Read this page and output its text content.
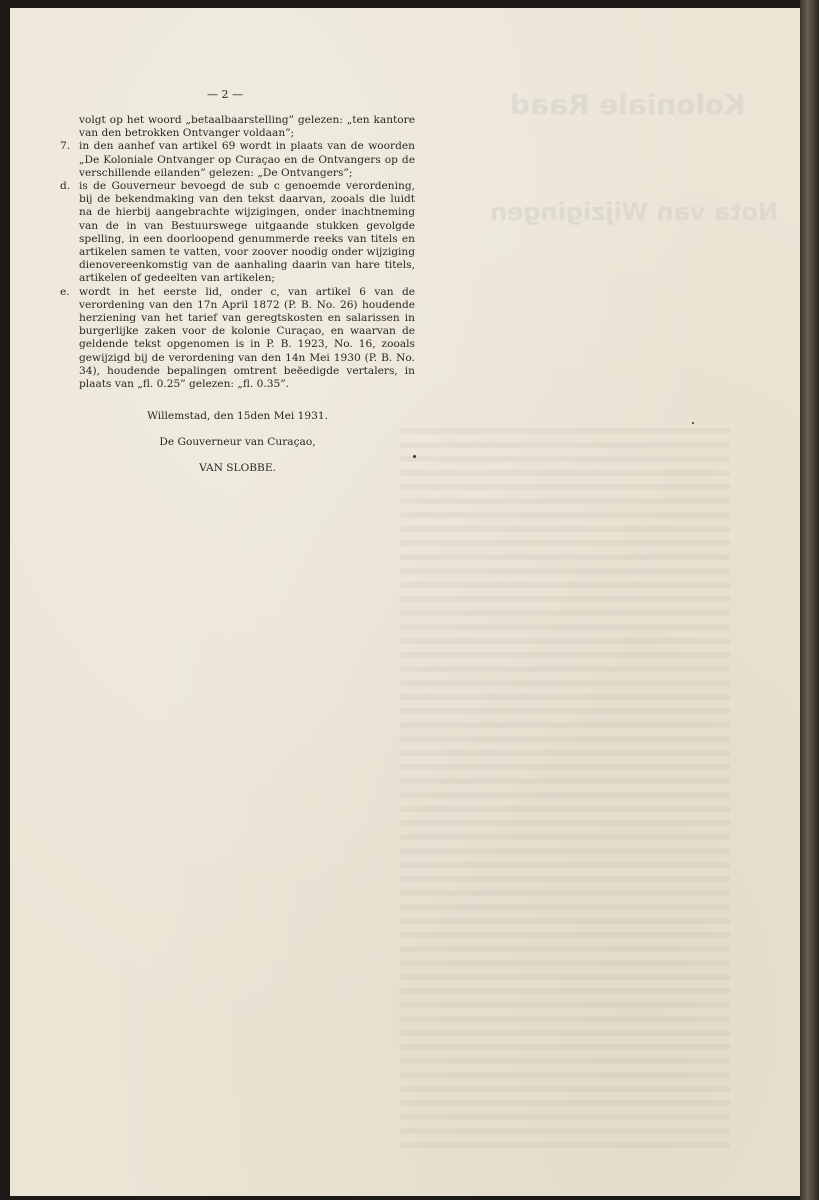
Koloniale Raad
Nota van Wijzigingen
— 2 —

volgt op het woord „betaalbaarstelling” gelezen: „ten kantore van den betrokken Ontvanger voldaan”;

7. in den aanhef van artikel 69 wordt in plaats van de woorden „De Koloniale Ontvanger op Curaçao en de Ontvangers op de verschillende eilanden” gelezen: „De Ontvangers”;

d. is de Gouverneur bevoegd de sub c genoemde verordening, bij de bekendmaking van den tekst daarvan, zooals die luidt na de hierbij aangebrachte wijzigingen, onder inachtneming van de in van Bestuurswege uitgaande stukken gevolgde spelling, in een doorloopend genummerde reeks van titels en artikelen samen te vatten, voor zoover noodig onder wijziging dienovereenkomstig van de aanhaling daarin van hare titels, artikelen of gedeelten van artikelen;

e. wordt in het eerste lid, onder c, van artikel 6 van de verordening van den 17n April 1872 (P. B. No. 26) houdende herziening van het tarief van geregtskosten en salarissen in burgerlijke zaken voor de kolonie Curaçao, en waarvan de geldende tekst opgenomen is in P. B. 1923, No. 16, zooals gewijzigd bij de verordening van den 14n Mei 1930 (P. B. No. 34), houdende bepalingen omtrent beëedigde vertalers, in plaats van „fl. 0.25” gelezen: „fl. 0.35”.

Willemstad, den 15den Mei 1931.
De Gouverneur van Curaçao,
VAN SLOBBE.
